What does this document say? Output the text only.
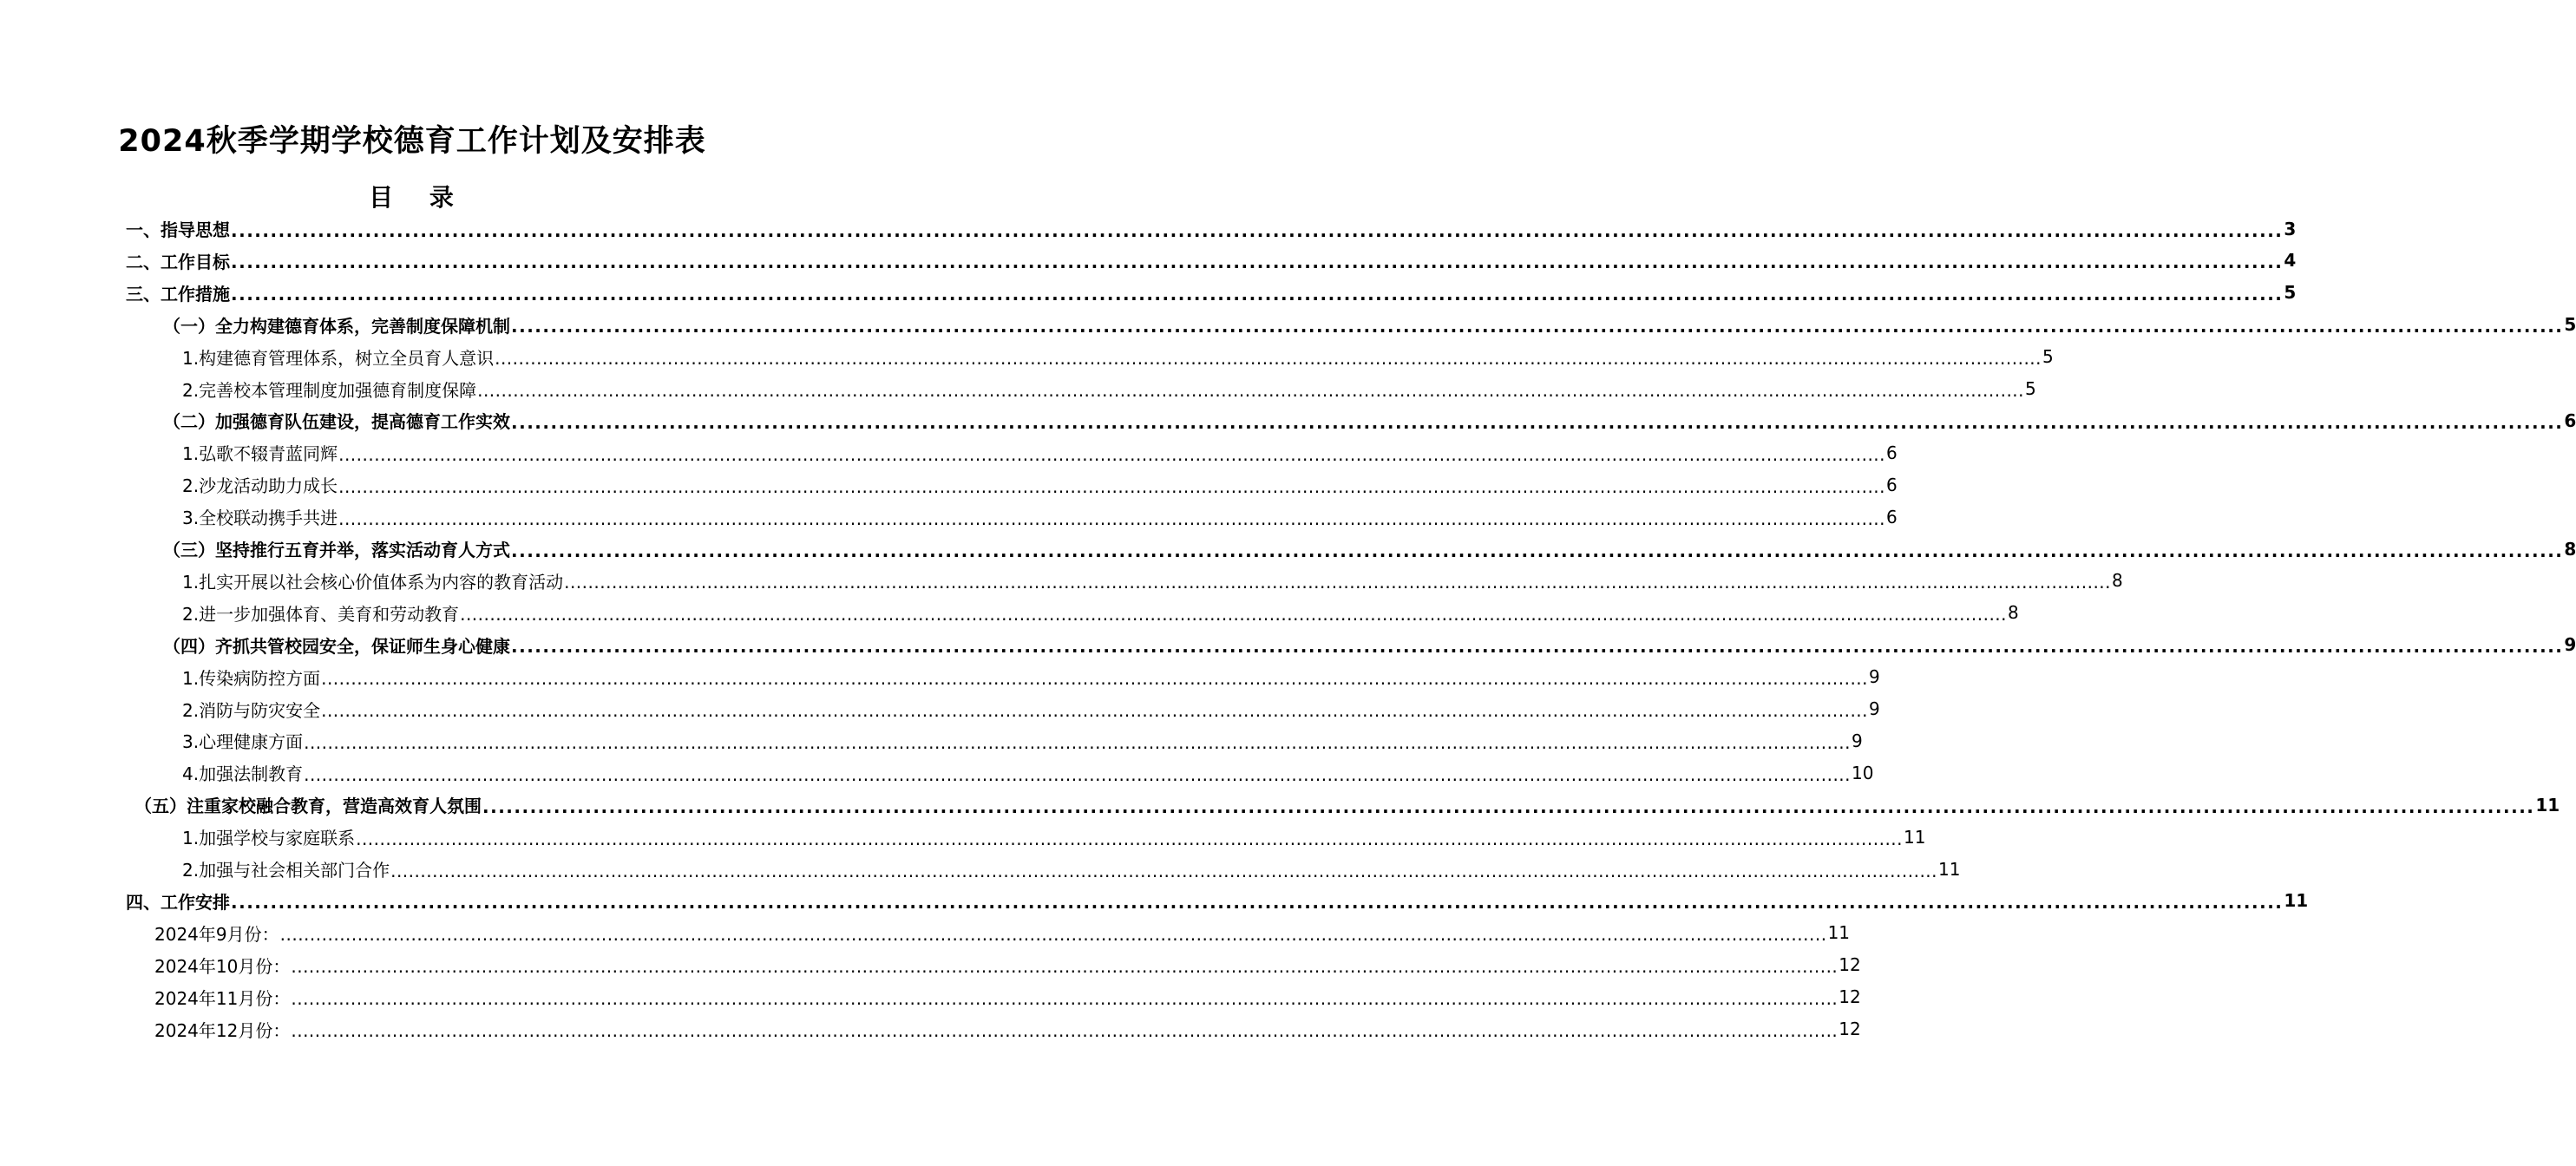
2024秋季学期学校德育工作计划及安排表
目 录
一、指导思想 .................................................................................................................................................................................................................................................................... 3
二、工作目标 .................................................................................................................................................................................................................................................................... 4
三、工作措施 .................................................................................................................................................................................................................................................................... 5
（一）全力构建德育体系，完善制度保障机制 .................................................................................................................................................................................................................................................................... 5
1.构建德育管理体系，树立全员育人意识 .................................................................................................................................................................................................................................................................... 5
2.完善校本管理制度加强德育制度保障 .................................................................................................................................................................................................................................................................... 5
（二）加强德育队伍建设，提高德育工作实效 .................................................................................................................................................................................................................................................................... 6
1.弘歌不辍青蓝同辉 .................................................................................................................................................................................................................................................................... 6
2.沙龙活动助力成长 .................................................................................................................................................................................................................................................................... 6
3.全校联动携手共进 .................................................................................................................................................................................................................................................................... 6
（三）坚持推行五育并举，落实活动育人方式 .................................................................................................................................................................................................................................................................... 8
1.扎实开展以社会核心价值体系为内容的教育活动 .................................................................................................................................................................................................................................................................... 8
2.进一步加强体育、美育和劳动教育 .................................................................................................................................................................................................................................................................... 8
（四）齐抓共管校园安全，保证师生身心健康 .................................................................................................................................................................................................................................................................... 9
1.传染病防控方面 .................................................................................................................................................................................................................................................................... 9
2.消防与防灾安全 .................................................................................................................................................................................................................................................................... 9
3.心理健康方面 .................................................................................................................................................................................................................................................................... 9
4.加强法制教育 .................................................................................................................................................................................................................................................................... 10
（五）注重家校融合教育，营造高效育人氛围 .................................................................................................................................................................................................................................................................... 11
1.加强学校与家庭联系 .................................................................................................................................................................................................................................................................... 11
2.加强与社会相关部门合作 .................................................................................................................................................................................................................................................................... 11
四、工作安排 .................................................................................................................................................................................................................................................................... 11
2024年9月份： .................................................................................................................................................................................................................................................................... 11
2024年10月份： .................................................................................................................................................................................................................................................................... 12
2024年11月份： .................................................................................................................................................................................................................................................................... 12
2024年12月份： .................................................................................................................................................................................................................................................................... 12
